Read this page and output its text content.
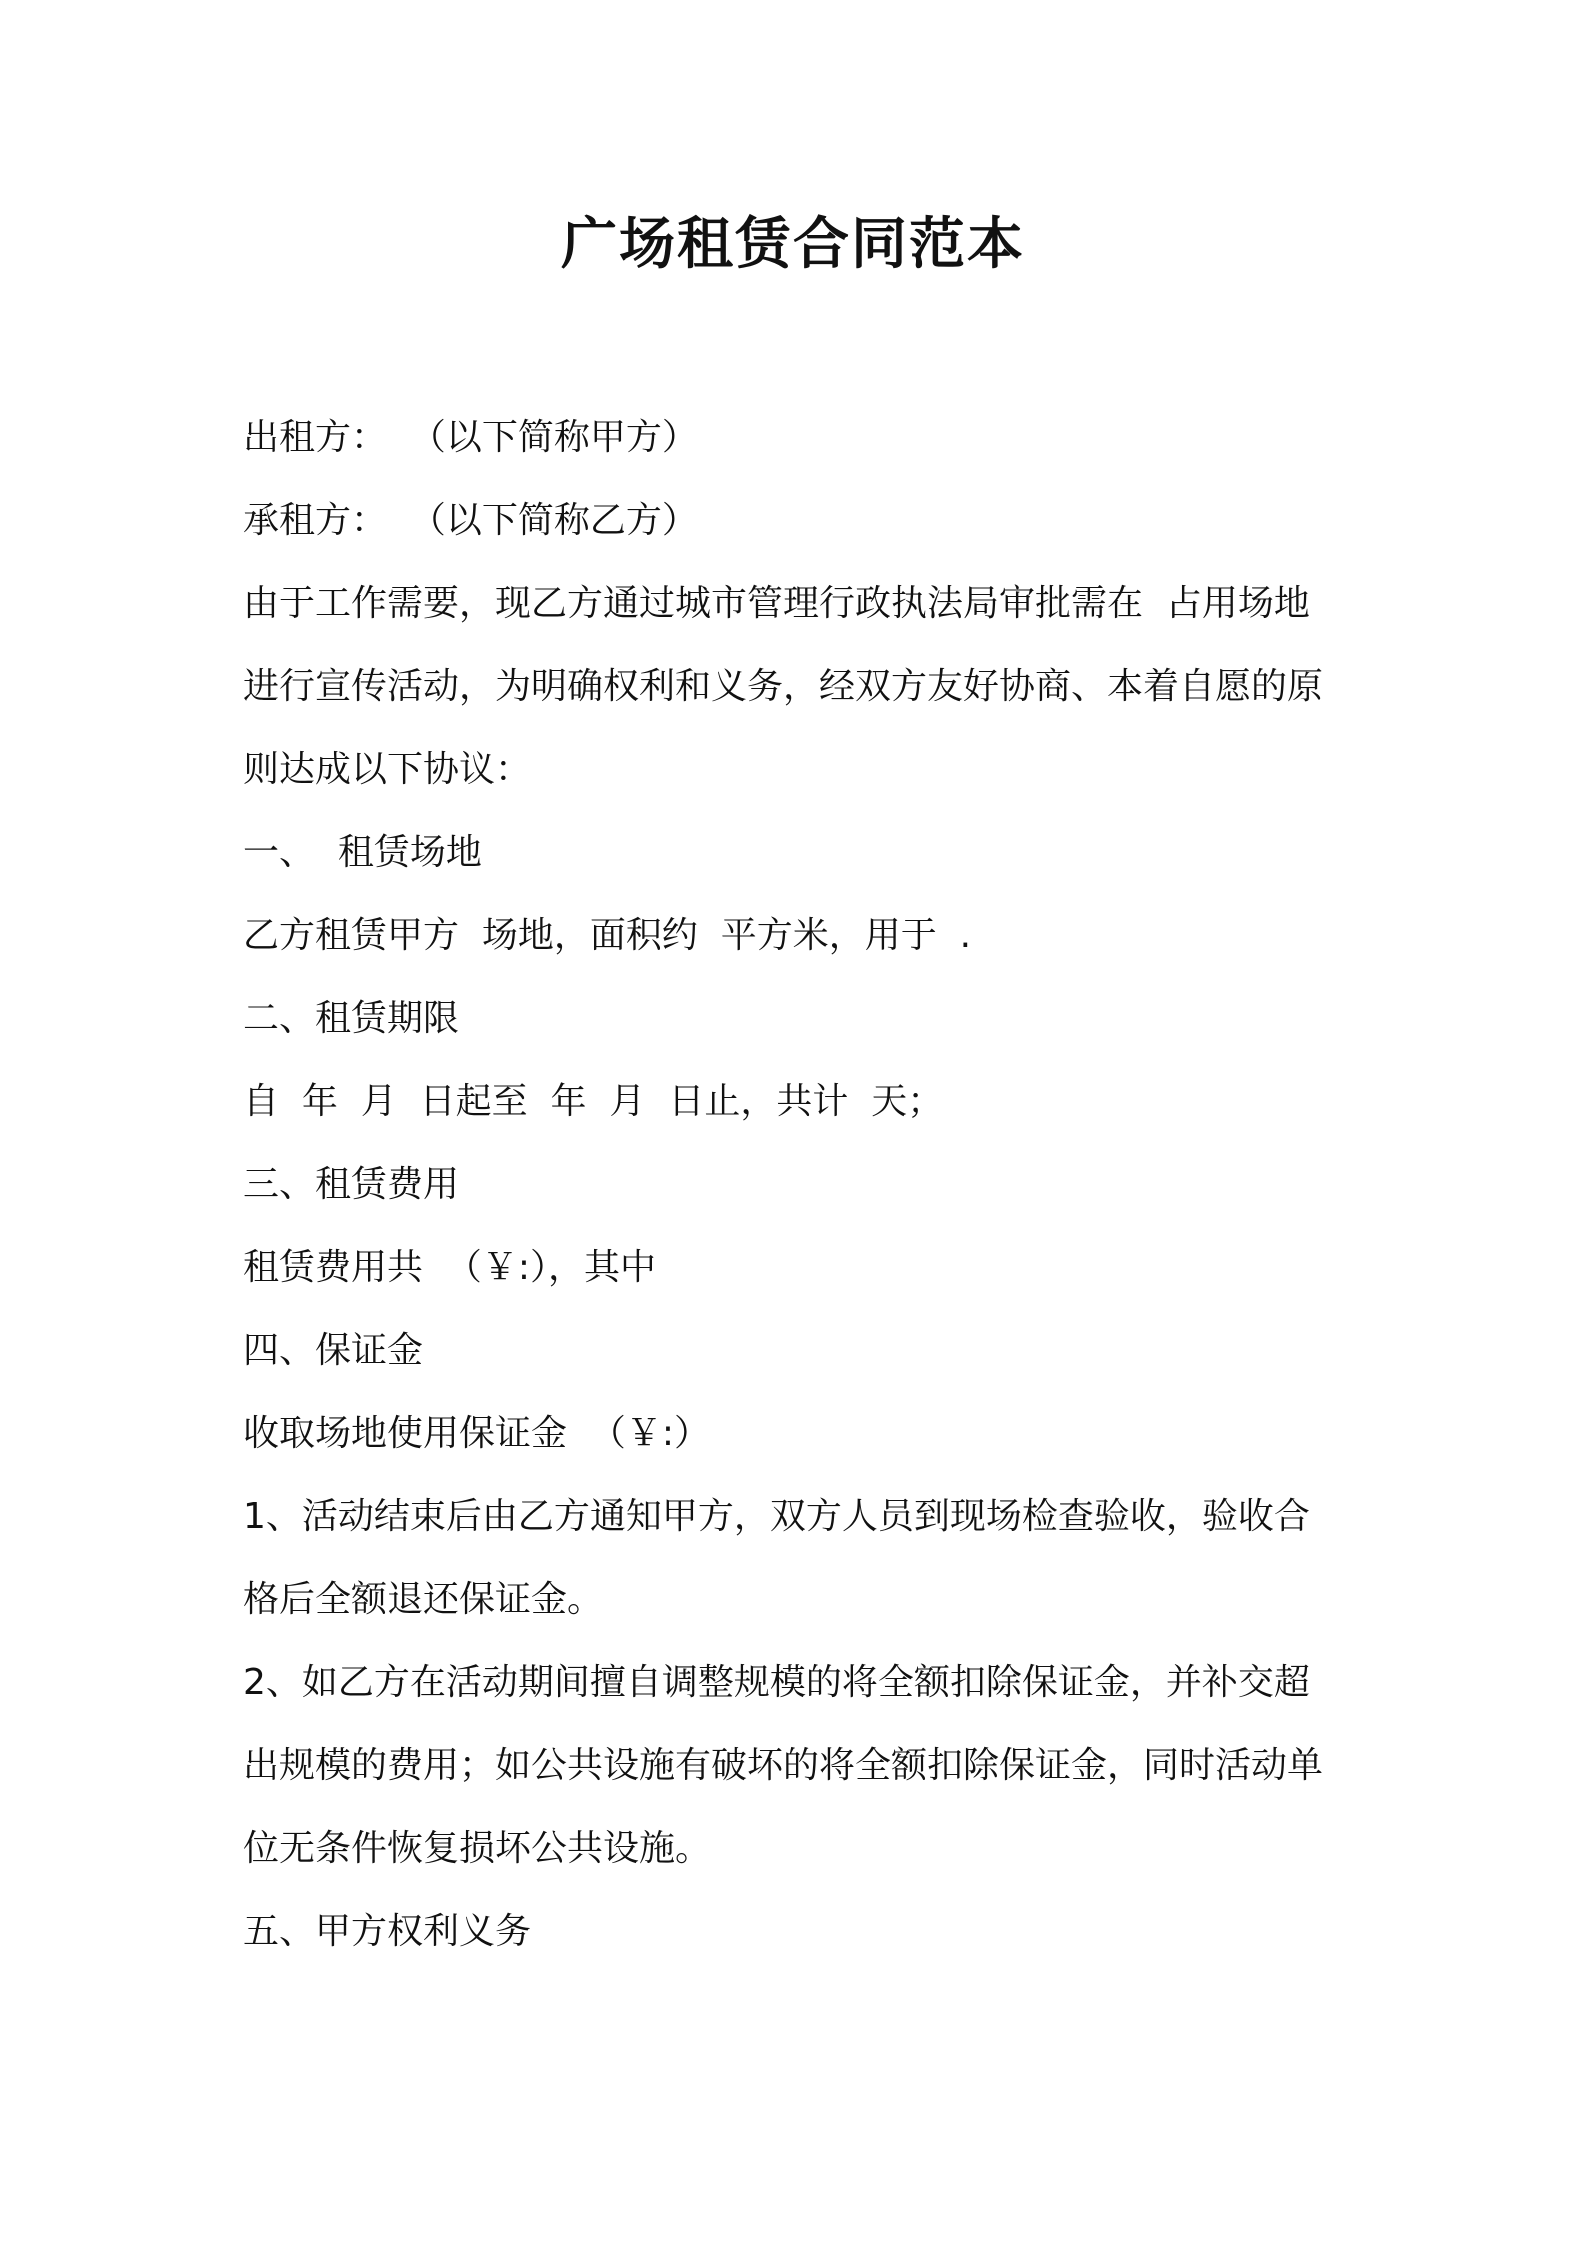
广场租赁合同范本

出租方：  （以下简称甲方）

承租方：  （以下简称乙方）

由于工作需要，现乙方通过城市管理行政执法局审批需在  占用场地

进行宣传活动，为明确权利和义务，经双方友好协商、本着自愿的原

则达成以下协议：

一、  租赁场地

乙方租赁甲方  场地，面积约  平方米，用于  .

二、租赁期限

自  年  月  日起至  年  月  日止，共计  天；

三、租赁费用

租赁费用共  （￥:），其中

四、保证金

收取场地使用保证金  （￥:）

1、活动结束后由乙方通知甲方，双方人员到现场检查验收，验收合

格后全额退还保证金。

2、如乙方在活动期间擅自调整规模的将全额扣除保证金，并补交超

出规模的费用；如公共设施有破坏的将全额扣除保证金，同时活动单

位无条件恢复损坏公共设施。

五、甲方权利义务
